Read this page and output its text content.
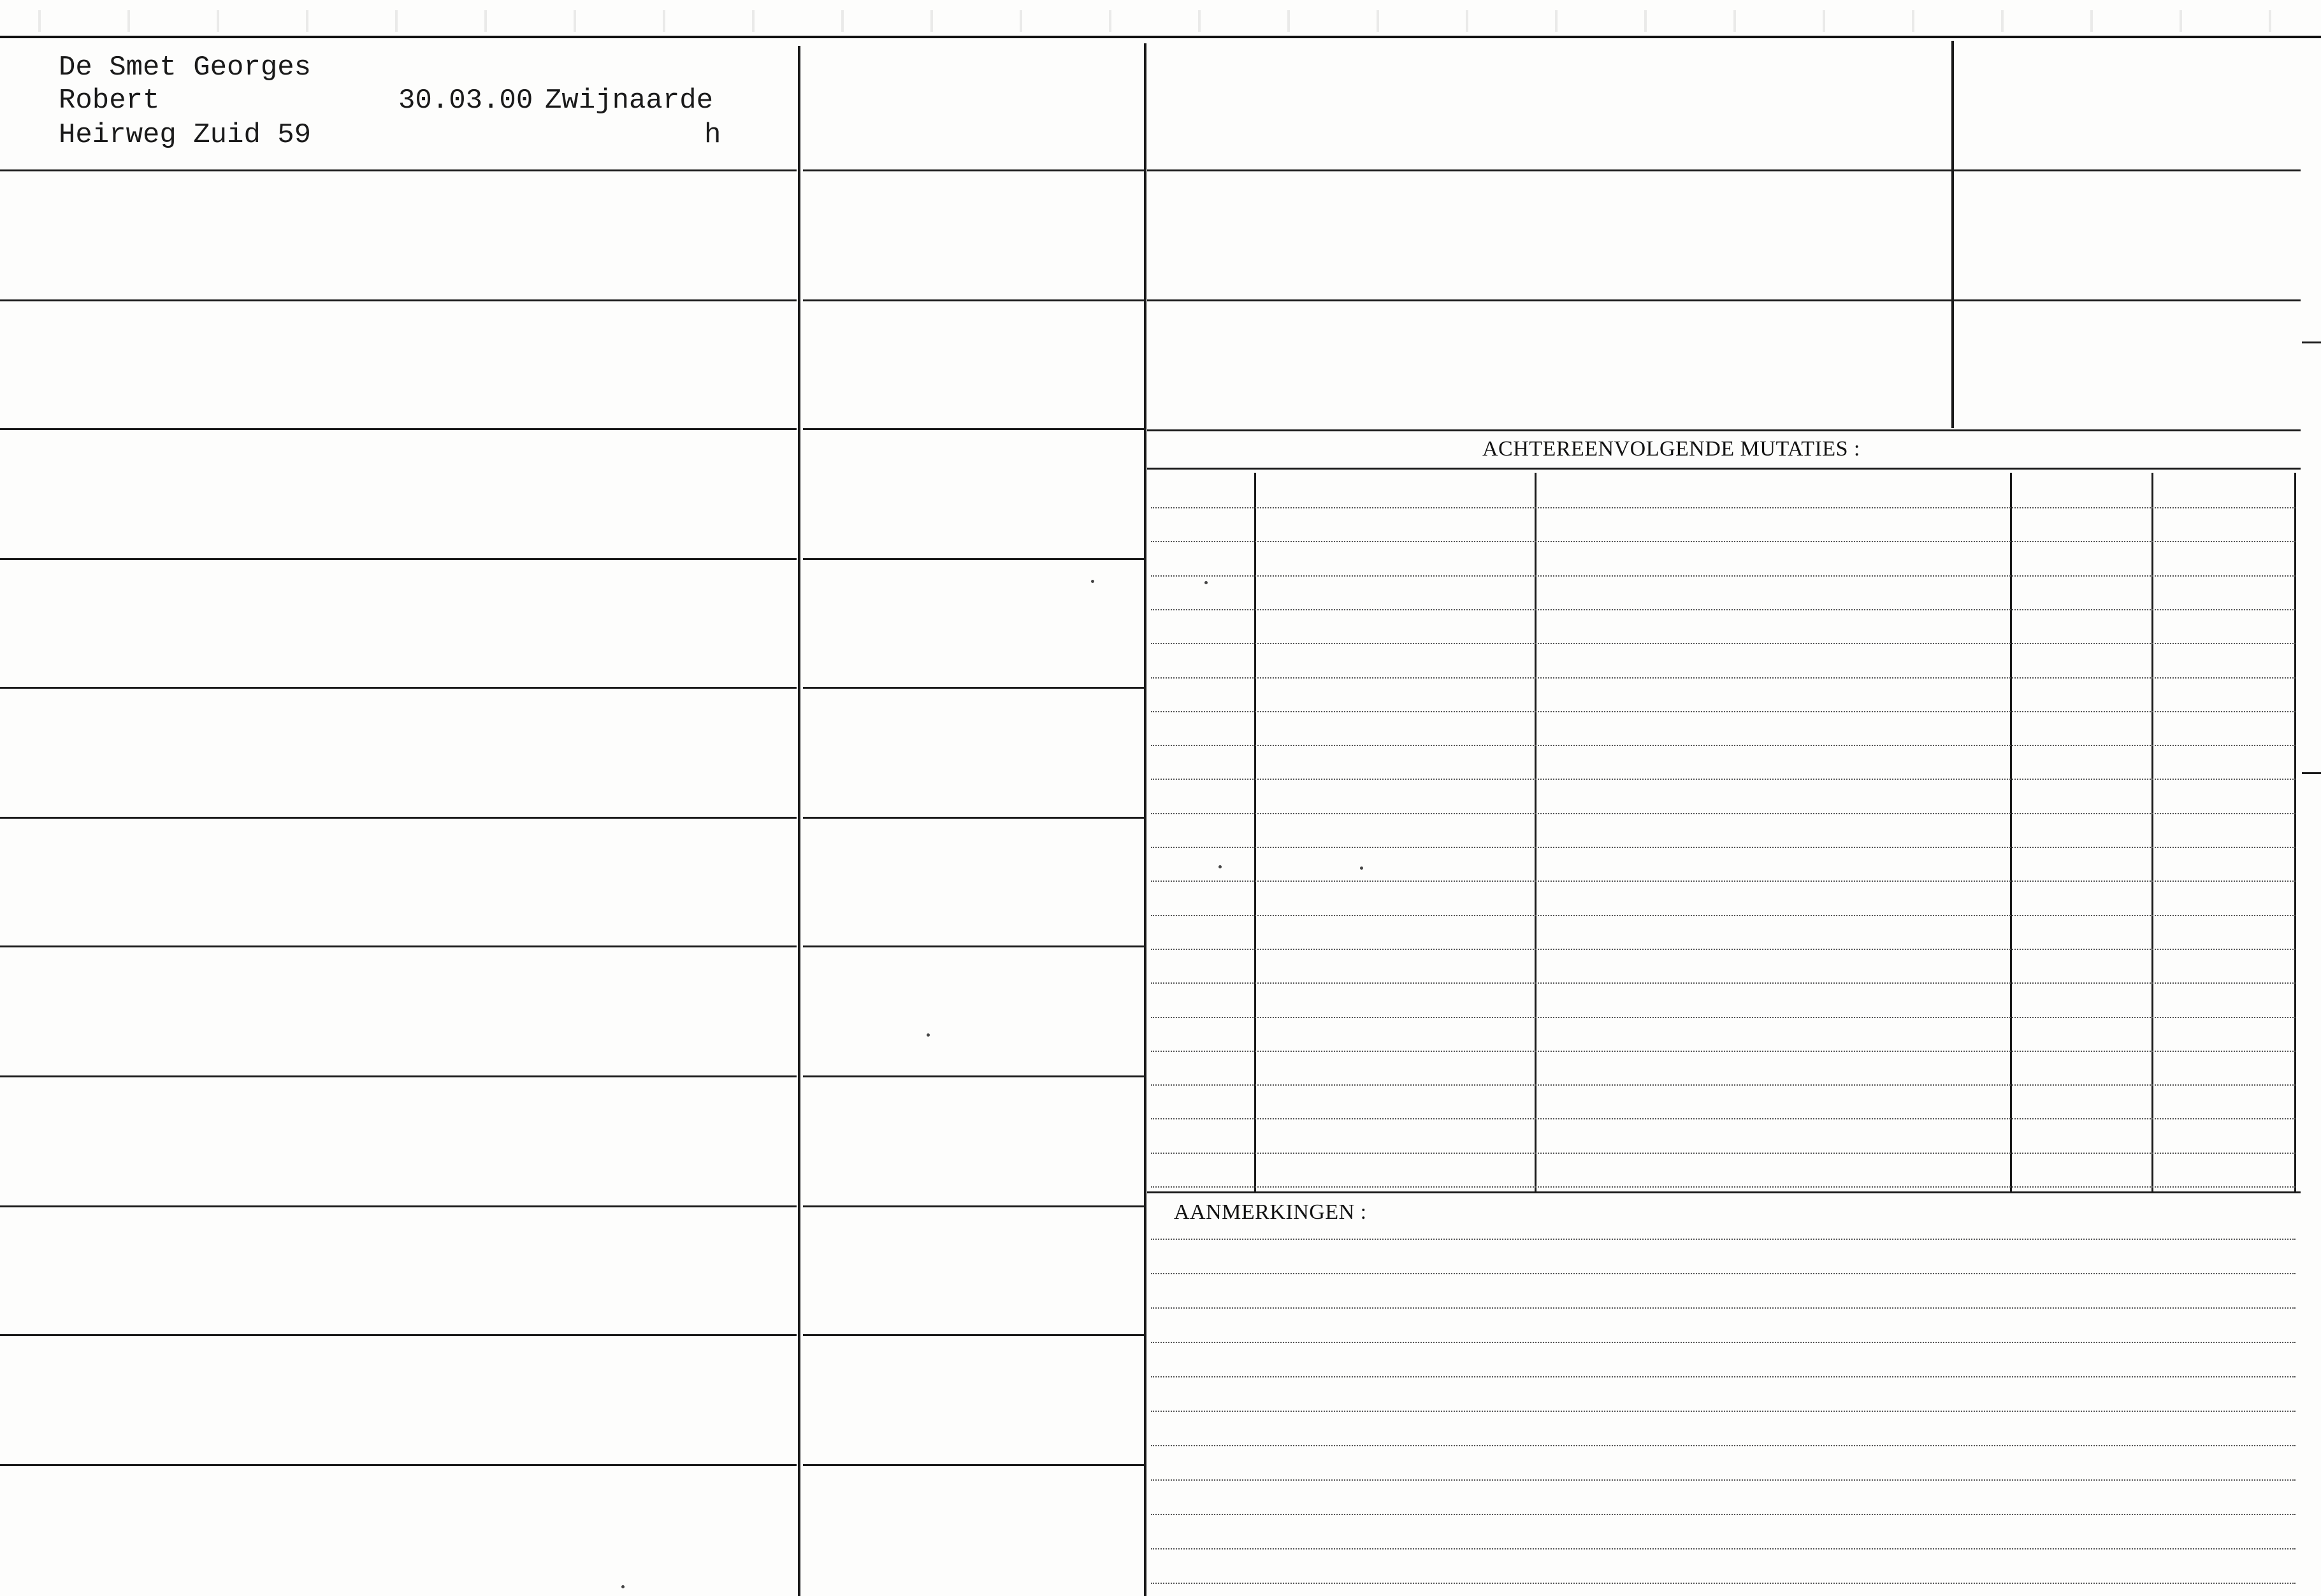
De Smet Georges
Robert
Heirweg Zuid 59
30.03.00 Zwijnaarde
h
ACHTEREENVOLGENDE MUTATIES :
AANMERKINGEN :
